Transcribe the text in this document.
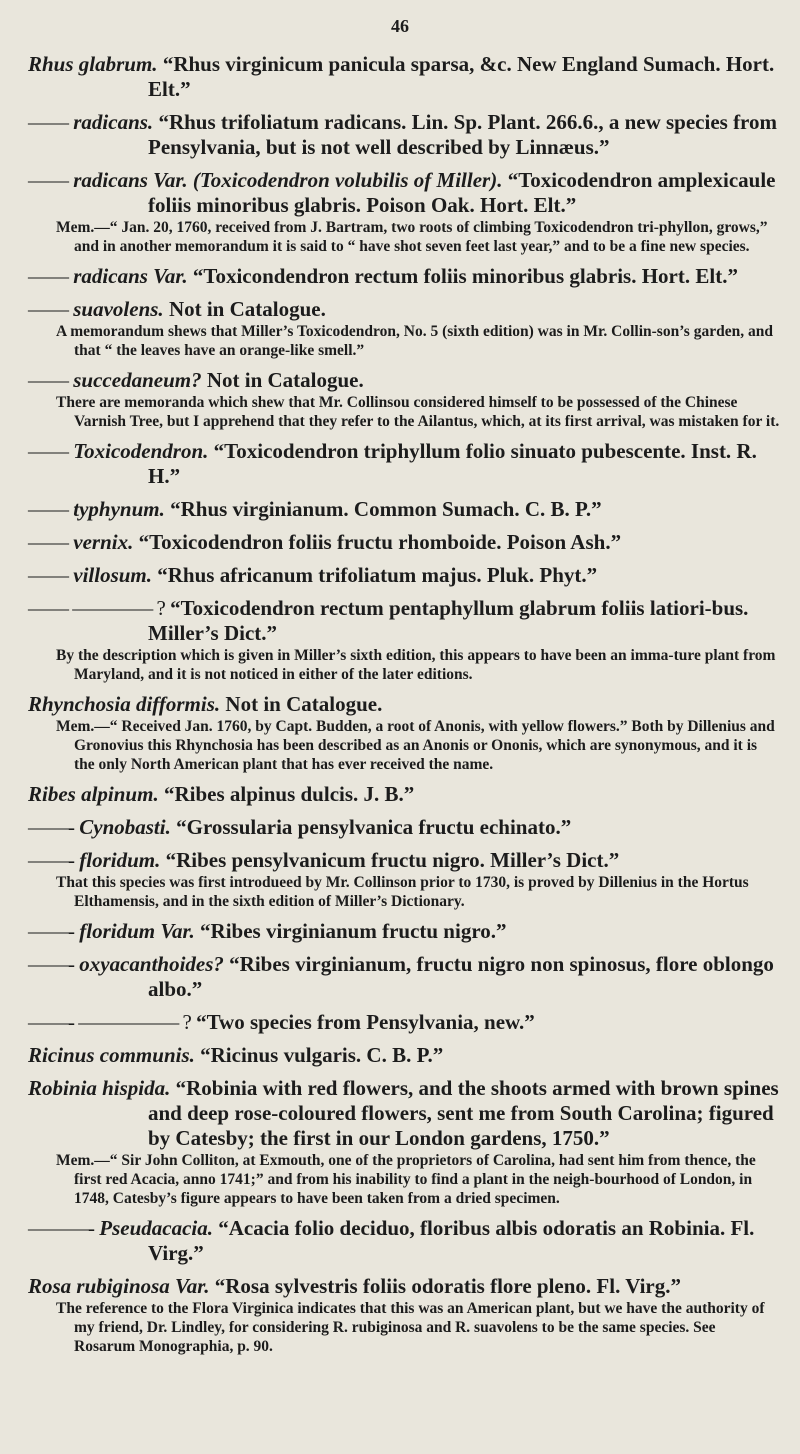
46

Rhus glabrum. “Rhus virginicum panicula sparsa, &c. New England Sumach. Hort. Elt.”

—— radicans. “Rhus trifoliatum radicans. Lin. Sp. Plant. 266.6., a new species from Pensylvania, but is not well described by Linnæus.”

—— radicans Var. (Toxicodendron volubilis of Miller). “Toxicodendron amplexicaule foliis minoribus glabris. Poison Oak. Hort. Elt.”

Mem.—“ Jan. 20, 1760, received from J. Bartram, two roots of climbing Toxicodendron tri-phyllon, grows,” and in another memorandum it is said to “ have shot seven feet last year,” and to be a fine new species.

—— radicans Var. “Toxicondendron rectum foliis minoribus glabris. Hort. Elt.”

—— suavolens. Not in Catalogue.

A memorandum shews that Miller’s Toxicodendron, No. 5 (sixth edition) was in Mr. Collin-son’s garden, and that “ the leaves have an orange-like smell.”

—— succedaneum? Not in Catalogue.

There are memoranda which shew that Mr. Collinsou considered himself to be possessed of the Chinese Varnish Tree, but I apprehend that they refer to the Ailantus, which, at its first arrival, was mistaken for it.

—— Toxicodendron. “Toxicodendron triphyllum folio sinuato pubescente. Inst. R. H.”

—— typhynum. “Rhus virginianum. Common Sumach. C. B. P.”

—— vernix. “Toxicodendron foliis fructu rhomboide. Poison Ash.”

—— villosum. “Rhus africanum trifoliatum majus. Pluk. Phyt.”

—— ———— ? “Toxicodendron rectum pentaphyllum glabrum foliis latiori-bus. Miller’s Dict.”

By the description which is given in Miller’s sixth edition, this appears to have been an imma-ture plant from Maryland, and it is not noticed in either of the later editions.

Rhynchosia difformis. Not in Catalogue.

Mem.—“ Received Jan. 1760, by Capt. Budden, a root of Anonis, with yellow flowers.” Both by Dillenius and Gronovius this Rhynchosia has been described as an Anonis or Ononis, which are synonymous, and it is the only North American plant that has ever received the name.

Ribes alpinum. “Ribes alpinus dulcis. J. B.”

——- Cynobasti. “Grossularia pensylvanica fructu echinato.”

——- floridum. “Ribes pensylvanicum fructu nigro. Miller’s Dict.”

That this species was first introdueed by Mr. Collinson prior to 1730, is proved by Dillenius in the Hortus Elthamensis, and in the sixth edition of Miller’s Dictionary.

——- floridum Var. “Ribes virginianum fructu nigro.”

——- oxyacanthoides? “Ribes virginianum, fructu nigro non spinosus, flore oblongo albo.”

——- ————— ? “Two species from Pensylvania, new.”

Ricinus communis. “Ricinus vulgaris. C. B. P.”

Robinia hispida. “Robinia with red flowers, and the shoots armed with brown spines and deep rose-coloured flowers, sent me from South Carolina; figured by Catesby; the first in our London gardens, 1750.”

Mem.—“ Sir John Colliton, at Exmouth, one of the proprietors of Carolina, had sent him from thence, the first red Acacia, anno 1741;” and from his inability to find a plant in the neigh-bourhood of London, in 1748, Catesby’s figure appears to have been taken from a dried specimen.

———- Pseudacacia. “Acacia folio deciduo, floribus albis odoratis an Robinia. Fl. Virg.”

Rosa rubiginosa Var. “Rosa sylvestris foliis odoratis flore pleno. Fl. Virg.”

The reference to the Flora Virginica indicates that this was an American plant, but we have the authority of my friend, Dr. Lindley, for considering R. rubiginosa and R. suavolens to be the same species. See Rosarum Monographia, p. 90.
